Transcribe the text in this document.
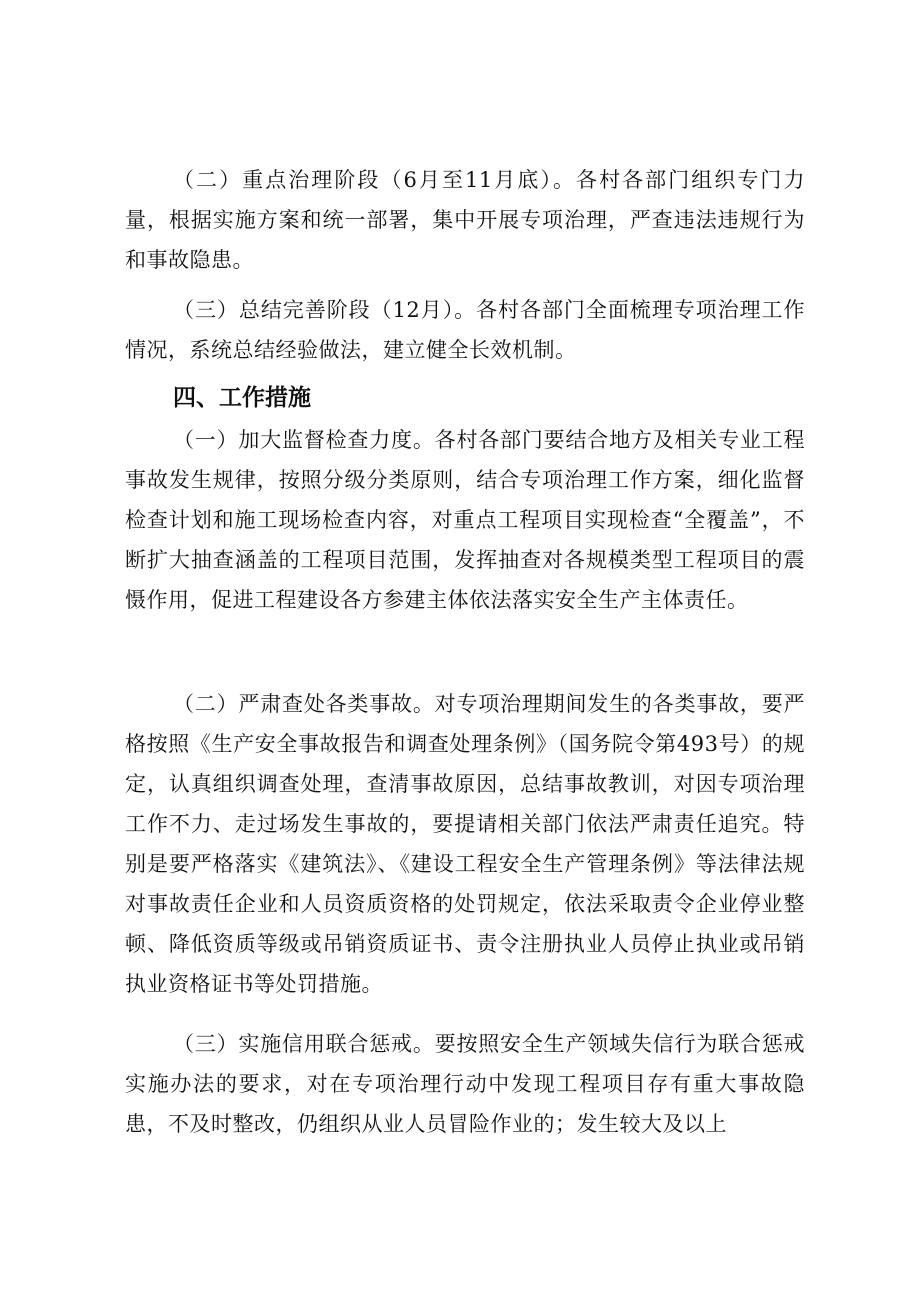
（二）重点治理阶段（6月至11月底）。各村各部门组织专门力量，根据实施方案和统一部署，集中开展专项治理，严查违法违规行为和事故隐患。

（三）总结完善阶段（12月）。各村各部门全面梳理专项治理工作情况，系统总结经验做法，建立健全长效机制。

四、工作措施

（一）加大监督检查力度。各村各部门要结合地方及相关专业工程事故发生规律，按照分级分类原则，结合专项治理工作方案，细化监督检查计划和施工现场检查内容，对重点工程项目实现检查“全覆盖”，不断扩大抽查涵盖的工程项目范围，发挥抽查对各规模类型工程项目的震慑作用，促进工程建设各方参建主体依法落实安全生产主体责任。

（二）严肃查处各类事故。对专项治理期间发生的各类事故，要严格按照《生产安全事故报告和调查处理条例》（国务院令第493号）的规定，认真组织调查处理，查清事故原因，总结事故教训，对因专项治理工作不力、走过场发生事故的，要提请相关部门依法严肃责任追究。特别是要严格落实《建筑法》、《建设工程安全生产管理条例》等法律法规对事故责任企业和人员资质资格的处罚规定，依法采取责令企业停业整顿、降低资质等级或吊销资质证书、责令注册执业人员停止执业或吊销执业资格证书等处罚措施。

（三）实施信用联合惩戒。要按照安全生产领域失信行为联合惩戒实施办法的要求，对在专项治理行动中发现工程项目存有重大事故隐患，不及时整改，仍组织从业人员冒险作业的；发生较大及以上
